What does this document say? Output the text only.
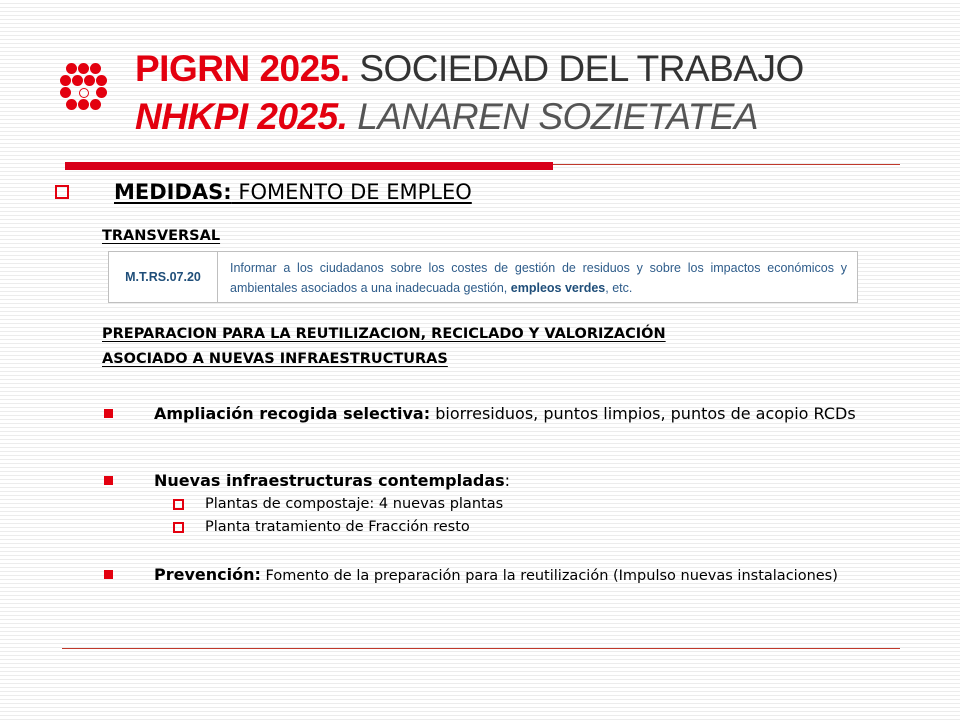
PIGRN 2025. SOCIEDAD DEL TRABAJO
NHKPI 2025. LANAREN SOZIETATEA
MEDIDAS: FOMENTO DE EMPLEO
TRANSVERSAL
M.T.RS.07.20
Informar a los ciudadanos sobre los costes de gestión de residuos y sobre los impactos económicos y ambientales asociados a una inadecuada gestión, empleos verdes, etc.
PREPARACION PARA LA REUTILIZACION, RECICLADO Y VALORIZACIÓN
ASOCIADO A NUEVAS INFRAESTRUCTURAS
Ampliación recogida selectiva: biorresiduos, puntos limpios, puntos de acopio RCDs
Nuevas infraestructuras contempladas:
Plantas de compostaje: 4 nuevas plantas
Planta tratamiento de Fracción resto
Prevención: Fomento de la preparación para la reutilización (Impulso nuevas instalaciones)
